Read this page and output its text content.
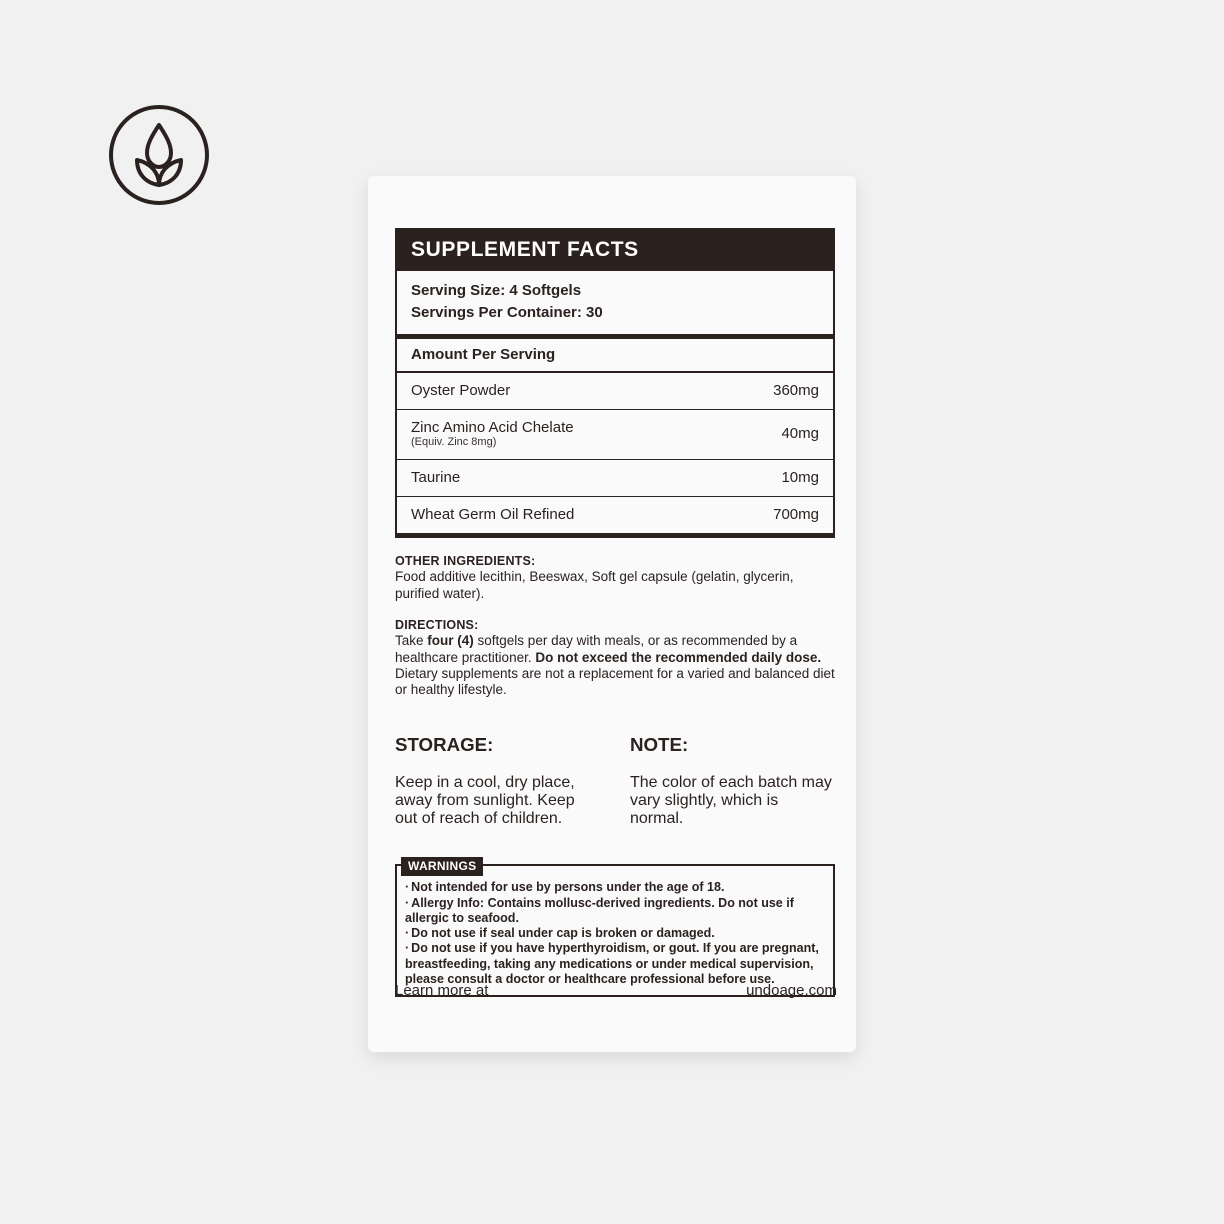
SUPPLEMENT FACTS
Serving Size: 4 Softgels
Servings Per Container: 30
Amount Per Serving
Oyster Powder	360mg
Zinc Amino Acid Chelate
(Equiv. Zinc 8mg)	40mg
Taurine	10mg
Wheat Germ Oil Refined	700mg
OTHER INGREDIENTS:

Food additive lecithin, Beeswax, Soft gel capsule (gelatin, glycerin, purified water).

DIRECTIONS:

Take four (4) softgels per day with meals, or as recommended by a healthcare practitioner. Do not exceed the recommended daily dose. Dietary supplements are not a replacement for a varied and balanced diet or healthy lifestyle.

STORAGE:

Keep in a cool, dry place, away from sunlight. Keep out of reach of children.

NOTE:

The color of each batch may vary slightly, which is normal.

WARNINGS
· Not intended for use by persons under the age of 18.
· Allergy Info: Contains mollusc-derived ingredients. Do not use if allergic to seafood.
· Do not use if seal under cap is broken or damaged.
· Do not use if you have hyperthyroidism, or gout. If you are pregnant, breastfeeding, taking any medications or under medical supervision, please consult a doctor or healthcare professional before use.
Learn more at	undoage.com
